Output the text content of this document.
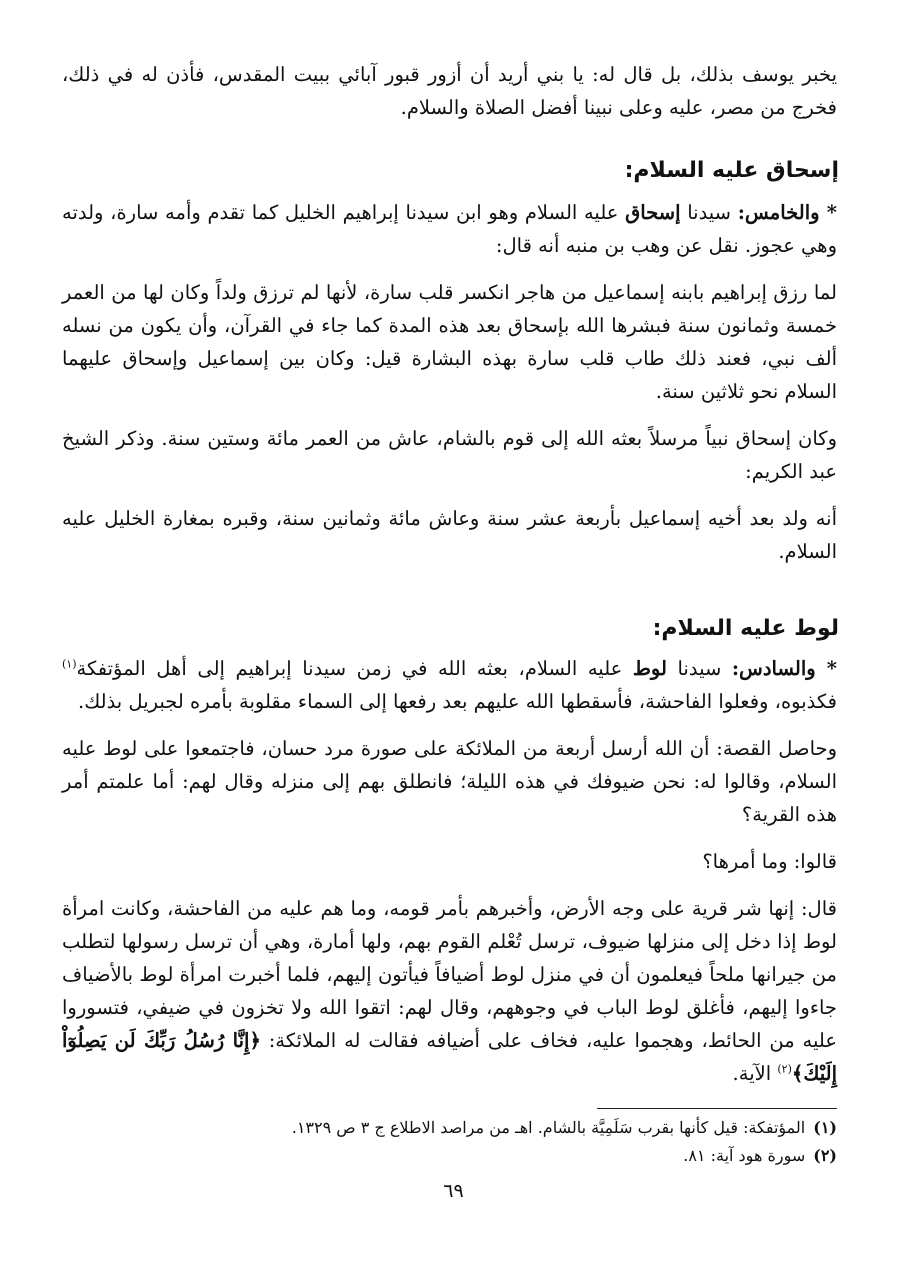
يخبر يوسف بذلك، بل قال له: يا بني أريد أن أزور قبور آبائي ببيت المقدس، فأذن له في ذلك، فخرج من مصر، عليه وعلى نبينا أفضل الصلاة والسلام.

إسحاق عليه السلام:

* والخامس: سيدنا إسحاق عليه السلام وهو ابن سيدنا إبراهيم الخليل كما تقدم وأمه سارة، ولدته وهي عجوز. نقل عن وهب بن منبه أنه قال:

لما رزق إبراهيم بابنه إسماعيل من هاجر انكسر قلب سارة، لأنها لم ترزق ولداً وكان لها من العمر خمسة وثمانون سنة فبشرها الله بإسحاق بعد هذه المدة كما جاء في القرآن، وأن يكون من نسله ألف نبي، فعند ذلك طاب قلب سارة بهذه البشارة قيل: وكان بين إسماعيل وإسحاق عليهما السلام نحو ثلاثين سنة.

وكان إسحاق نبياً مرسلاً بعثه الله إلى قوم بالشام، عاش من العمر مائة وستين سنة. وذكر الشيخ عبد الكريم:

أنه ولد بعد أخيه إسماعيل بأربعة عشر سنة وعاش مائة وثمانين سنة، وقبره بمغارة الخليل عليه السلام.

لوط عليه السلام:

* والسادس: سيدنا لوط عليه السلام، بعثه الله في زمن سيدنا إبراهيم إلى أهل المؤتفكة$^{(١)}$ فكذبوه، وفعلوا الفاحشة، فأسقطها الله عليهم بعد رفعها إلى السماء مقلوبة بأمره لجبريل بذلك.

وحاصل القصة: أن الله أرسل أربعة من الملائكة على صورة مرد حسان، فاجتمعوا على لوط عليه السلام، وقالوا له: نحن ضيوفك في هذه الليلة؛ فانطلق بهم إلى منزله وقال لهم: أما علمتم أمر هذه القرية؟

قالوا: وما أمرها؟

قال: إنها شر قرية على وجه الأرض، وأخبرهم بأمر قومه، وما هم عليه من الفاحشة، وكانت امرأة لوط إذا دخل إلى منزلها ضيوف، ترسل تُعْلم القوم بهم، ولها أمارة، وهي أن ترسل رسولها لتطلب من جيرانها ملحاً فيعلمون أن في منزل لوط أضيافاً فيأتون إليهم، فلما أخبرت امرأة لوط بالأضياف جاءوا إليهم، فأغلق لوط الباب في وجوههم، وقال لهم: اتقوا الله ولا تخزون في ضيفي، فتسوروا عليه من الحائط، وهجموا عليه، فخاف على أضيافه فقالت له الملائكة: ﴿إِنَّا رُسُلُ رَبِّكَ لَن يَصِلُوٓاْ إِلَيْكَ﴾$^{(٢)}$ الآية.

(١)المؤتفكة: قيل كأنها بقرب سَلَمِيَّة بالشام. اهـ من مراصد الاطلاع ج ٣ ص ١٣٢٩.
(٢)سورة هود آية: ٨١.
٦٩
